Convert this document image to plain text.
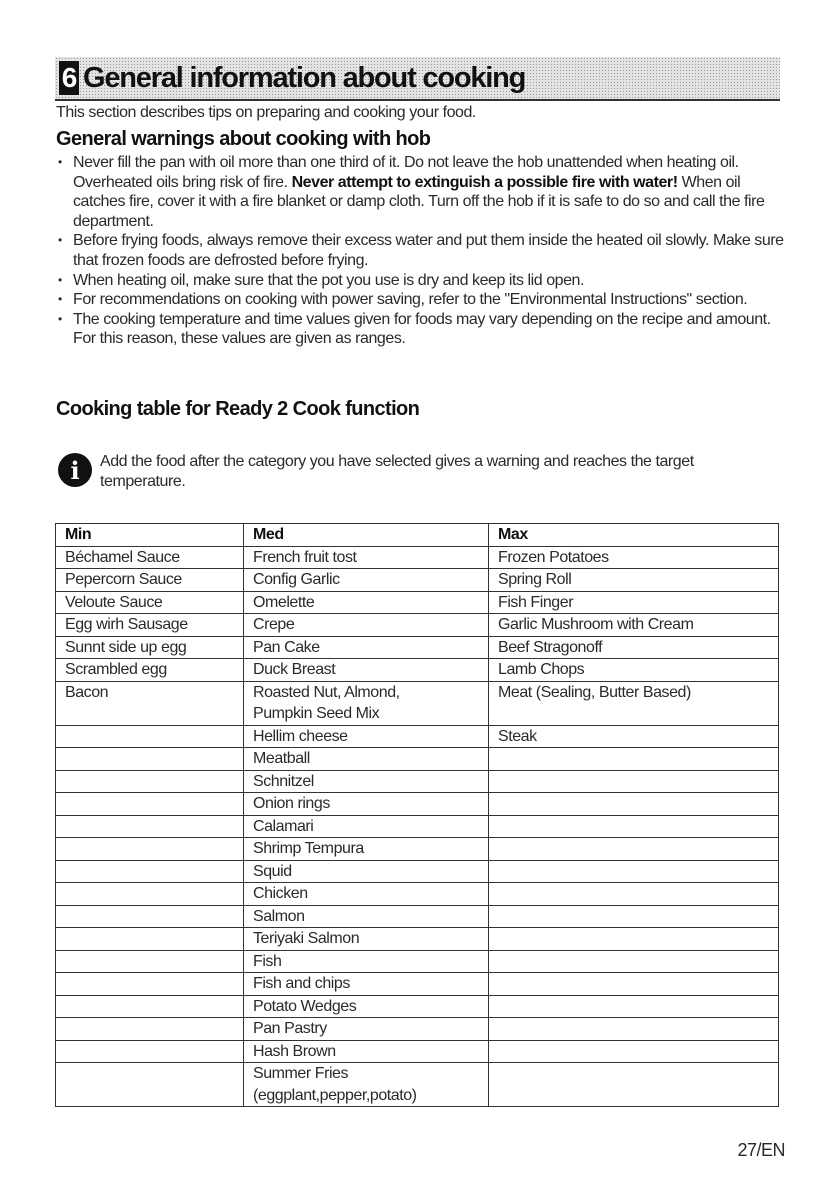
6 General information about cooking
This section describes tips on preparing and cooking your food.
General warnings about cooking with hob
• Never fill the pan with oil more than one third of it. Do not leave the hob unattended when heating oil. Overheated oils bring risk of fire. Never attempt to extinguish a possible fire with water! When oil catches fire, cover it with a fire blanket or damp cloth. Turn off the hob if it is safe to do so and call the fire department.
• Before frying foods, always remove their excess water and put them inside the heated oil slowly. Make sure that frozen foods are defrosted before frying.
• When heating oil, make sure that the pot you use is dry and keep its lid open.
• For recommendations on cooking with power saving, refer to the "Environmental Instructions" section.
• The cooking temperature and time values given for foods may vary depending on the recipe and amount. For this reason, these values are given as ranges.
Cooking table for Ready 2 Cook function
i	Add the food after the category you have selected gives a warning and reaches the target temperature.
Min	Med	Max
Béchamel Sauce	French fruit tost	Frozen Potatoes
Pepercorn Sauce	Config Garlic	Spring Roll
Veloute Sauce	Omelette	Fish Finger
Egg wirh Sausage	Crepe	Garlic Mushroom with Cream
Sunnt side up egg	Pan Cake	Beef Stragonoff
Scrambled egg	Duck Breast	Lamb Chops
Bacon	Roasted Nut, Almond, Pumpkin Seed Mix	Meat (Sealing, Butter Based)
	Hellim cheese	Steak
	Meatball	
	Schnitzel	
	Onion rings	
	Calamari	
	Shrimp Tempura	
	Squid	
	Chicken	
	Salmon	
	Teriyaki Salmon	
	Fish	
	Fish and chips	
	Potato Wedges	
	Pan Pastry	
	Hash Brown	
	Summer Fries (eggplant,pepper,potato)	
27/EN
